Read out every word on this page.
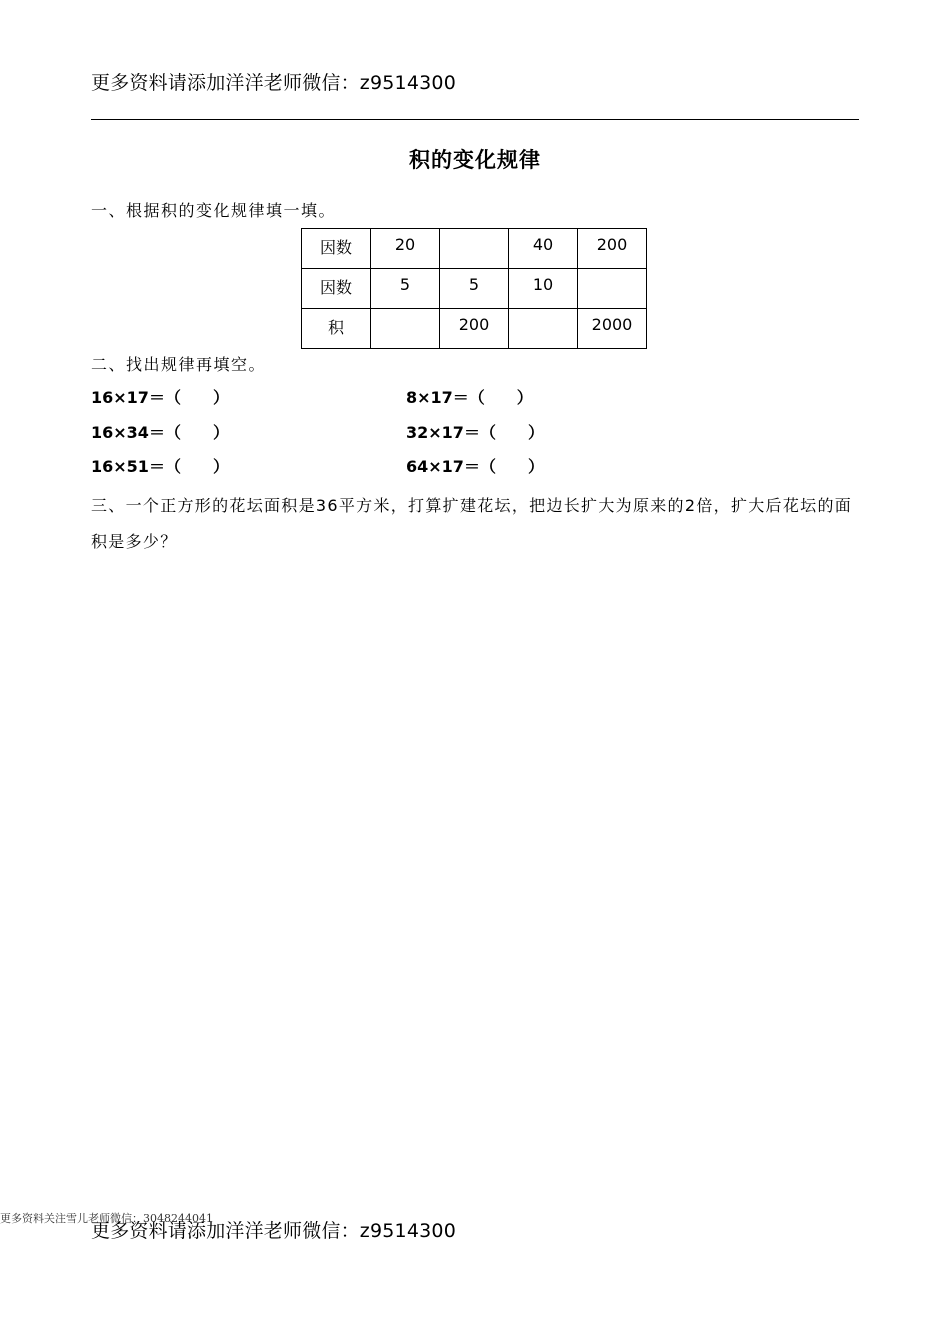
更多资料请添加洋洋老师微信：z9514300
积的变化规律
一、根据积的变化规律填一填。
因数	20		40	200

因数	5	5	10	

积		200		2000
二、找出规律再填空。
16×17＝（　　）
16×34＝（　　）
16×51＝（　　）
8×17＝（　　）
32×17＝（　　）
64×17＝（　　）
三、一个正方形的花坛面积是36平方米，打算扩建花坛，把边长扩大为原来的2倍，扩大后花坛的面积是多少？
更多资料关注雪儿老师微信：3048244041
更多资料请添加洋洋老师微信：z9514300
